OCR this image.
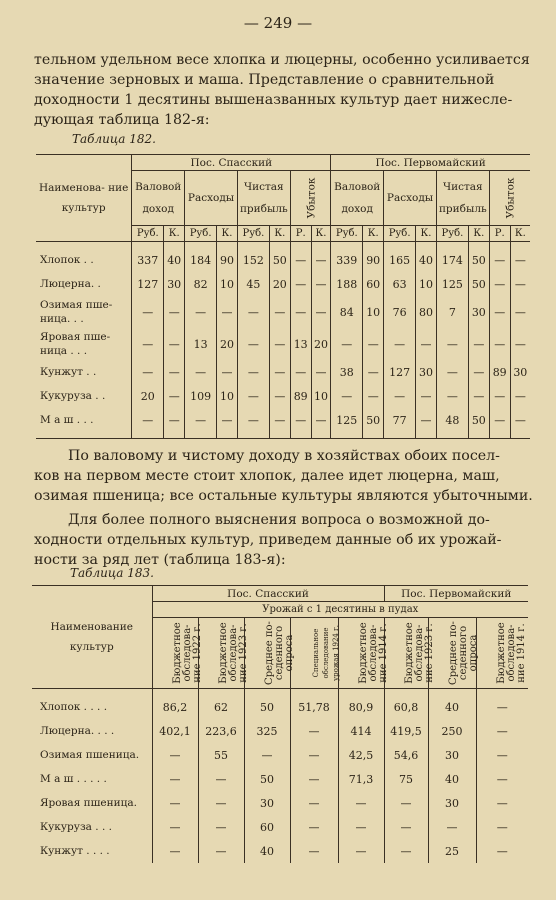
— 249 —
тельном удельном весе хлопка и люцерны, особенно усиливается
значение зерновых и маша. Представление о сравнительной
доходности 1 десятины вышеназванных культур дает нижесле-
дующая таблица 182-я:
Таблица 182.
Наименова- ние культур	Пос. Спасский								Пос. Первомайский							
	Валовой доход		Расходы		Чистая прибыль		Убыток		Валовой доход		Расходы		Чистая прибыль		Убыток	
	Руб.	К.	Руб.	К.	Руб.	К.	Р.	К.	Руб.	К.	Руб.	К.	Руб.	К.	Р.	К.

Хлопок . .	337	40	184	90	152	50	—	—	339	90	165	40	174	50	—	—
Люцерна. .	127	30	82	10	45	20	—	—	188	60	63	10	125	50	—	—
Озимая пше- ница. . .	—	—	—	—	—	—	—	—	84	10	76	80	7	30	—	—
Яровая пше- ница . . .	—	—	13	20	—	—	13	20	—	—	—	—	—	—	—	—
Кунжут . .	—	—	—	—	—	—	—	—	38	—	127	30	—	—	89	30
Кукуруза . .	20	—	109	10	—	—	89	10	—	—	—	—	—	—	—	—
М а ш . . .	—	—	—	—	—	—	—	—	125	50	77	—	48	50	—	—

По валовому и чистому доходу в хозяйствах обоих посел-
ков на первом месте стоит хлопок, далее идет люцерна, маш,
озимая пшеница; все остальные культуры являются убыточными.
Для более полного выяснения вопроса о возможной до-
ходности отдельных культур, приведем данные об их урожай-
ности за ряд лет (таблица 183-я):
Таблица 183.
Наименование культур	Пос. Спасский					Пос. Первомайский		
	Урожай с 1 десятины в пудах							
	Бюджетное обследова- ние 1922 г.	Бюджетное обследова- ние 1923 г.	Среднее по- седенного опроса	Специальное обследование урожая 1924 г.	Бюджетное обследова- ние 1914 г.	Бюджетное обследова- ние 1923 г.	Среднее по- седенного опроса	Бюджетное обследова- ние 1914 г.

Хлопок . . . .	86,2	62	50	51,78	80,9	60,8	40	—
Люцерна. . . .	402,1	223,6	325	—	414	419,5	250	—
Озимая пшеница.	—	55	—	—	42,5	54,6	30	—
М а ш . . . . .	—	—	50	—	71,3	75	40	—
Яровая пшеница.	—	—	30	—	—	—	30	—
Кукуруза . . .	—	—	60	—	—	—	—	—
Кунжут . . . .	—	—	40	—	—	—	25	—
